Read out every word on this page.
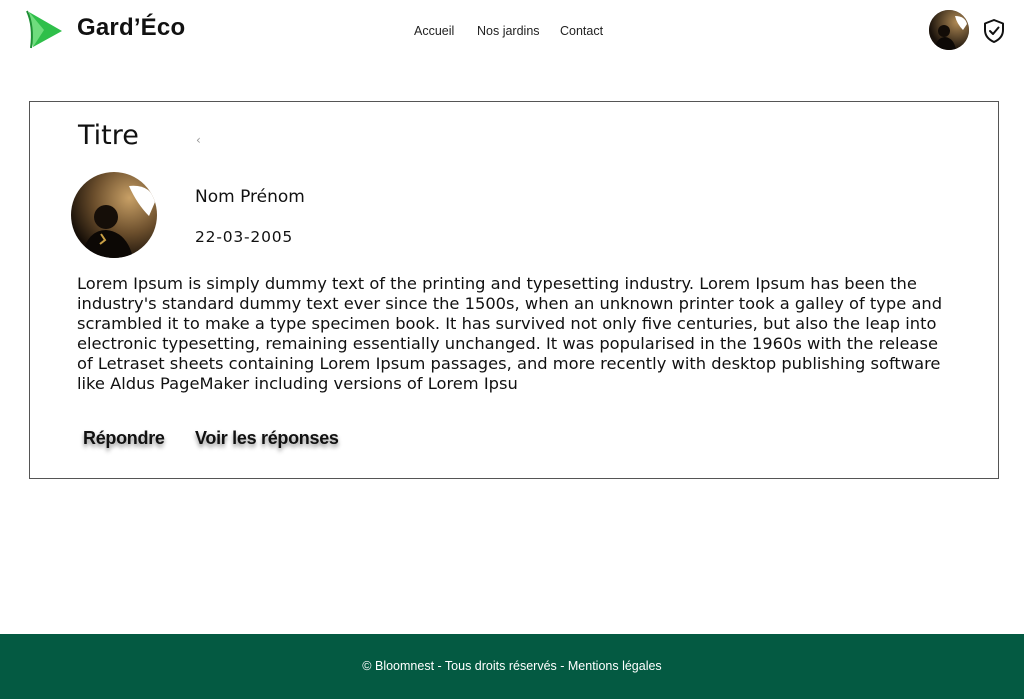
Gard’Éco	Accueil Nos jardins Contact
Titre	‹
Nom Prénom
22-03-2005

Lorem Ipsum is simply dummy text of the printing and typesetting industry. Lorem Ipsum has been the industry's standard dummy text ever since the 1500s, when an unknown printer took a galley of type and scrambled it to make a type specimen book. It has survived not only five centuries, but also the leap into electronic typesetting, remaining essentially unchanged. It was popularised in the 1960s with the release of Letraset sheets containing Lorem Ipsum passages, and more recently with desktop publishing software like Aldus PageMaker including versions of Lorem Ipsu

Répondre Voir les réponses
© Bloomnest - Tous droits réservés - Mentions légales
